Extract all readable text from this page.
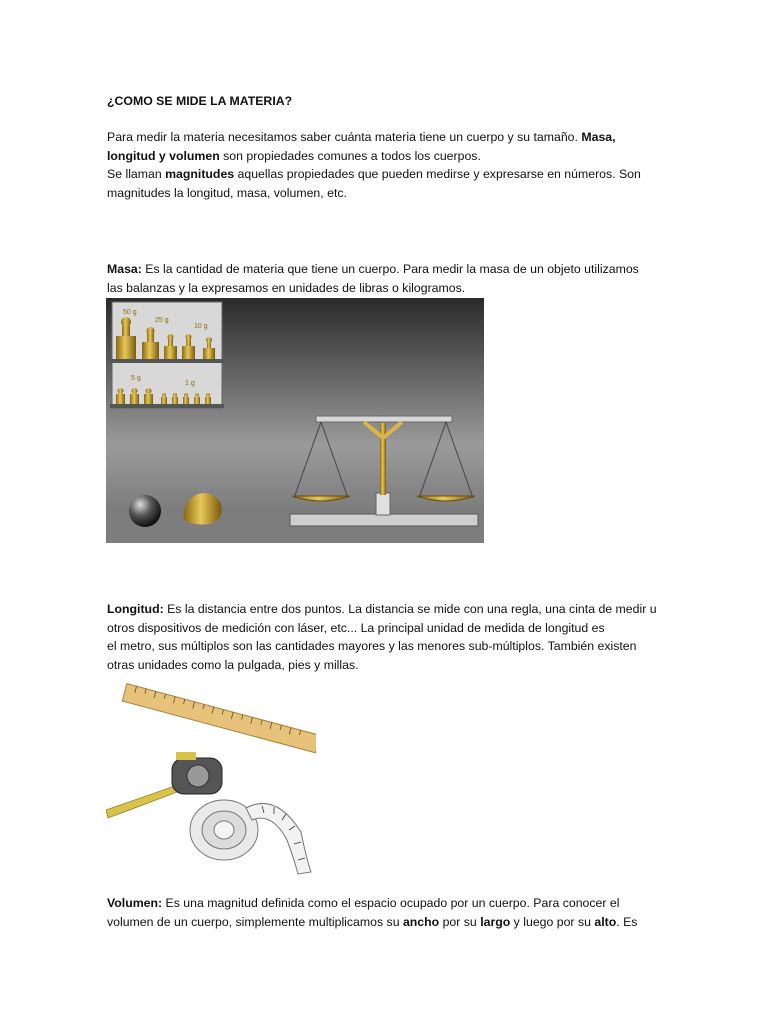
¿COMO SE MIDE LA MATERIA?
Para medir la materia necesitamos saber cuánta materia tiene un cuerpo y su tamaño. Masa,
longitud y volumen son propiedades comunes a todos los cuerpos.
Se llaman magnitudes aquellas propiedades que pueden medirse y expresarse en números. Son
magnitudes la longitud, masa, volumen, etc.
Masa: Es la cantidad de materia que tiene un cuerpo. Para medir la masa de un objeto utilizamos
las balanzas y la expresamos en unidades de libras o kilogramos.
50 g
25 g
10 g
5 g
1 g
Longitud: Es la distancia entre dos puntos. La distancia se mide con una regla, una cinta de medir u
otros dispositivos de medición con láser, etc... La principal unidad de medida de longitud es
el metro, sus múltiplos son las cantidades mayores y las menores sub-múltiplos. También existen
otras unidades como la pulgada, pies y millas.
Volumen: Es una magnitud definida como el espacio ocupado por un cuerpo. Para conocer el
volumen de un cuerpo, simplemente multiplicamos su ancho por su largo y luego por su alto. Es
